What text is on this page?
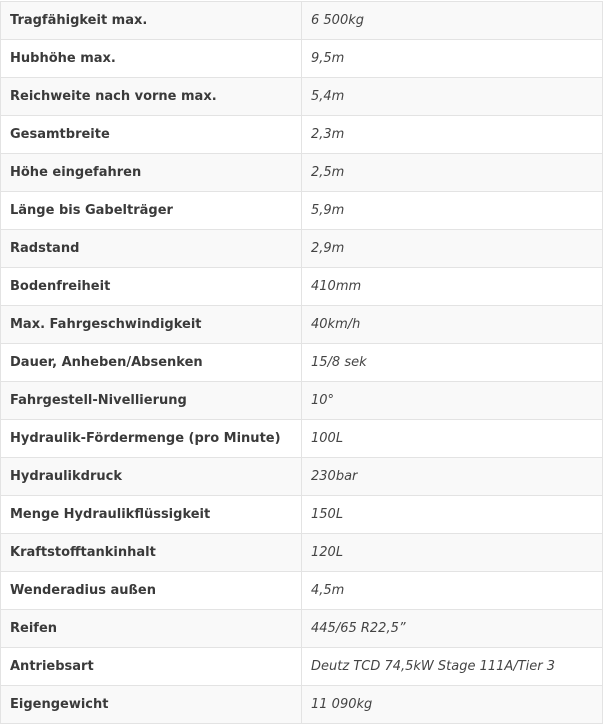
Tragfähigkeit max.	6 500kg
Hubhöhe max.	9,5m
Reichweite nach vorne max.	5,4m
Gesamtbreite	2,3m
Höhe eingefahren	2,5m
Länge bis Gabelträger	5,9m
Radstand	2,9m
Bodenfreiheit	410mm
Max. Fahrgeschwindigkeit	40km/h
Dauer, Anheben/Absenken	15/8 sek
Fahrgestell-Nivellierung	10°
Hydraulik-Fördermenge (pro Minute)	100L
Hydraulikdruck	230bar
Menge Hydraulikflüssigkeit	150L
Kraftstofftankinhalt	120L
Wenderadius außen	4,5m
Reifen	445/65 R22,5”
Antriebsart	Deutz TCD 74,5kW Stage 111A/Tier 3
Eigengewicht	11 090kg
